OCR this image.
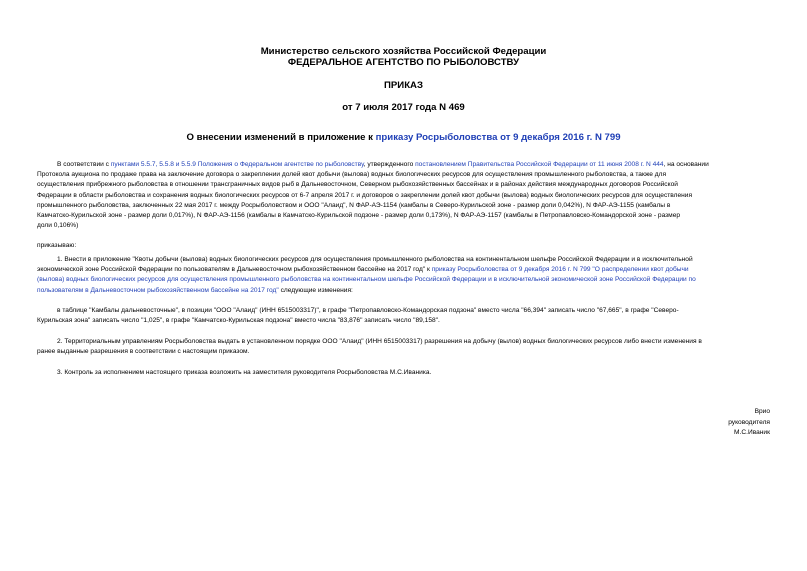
Министерство сельского хозяйства Российской Федерации
ФЕДЕРАЛЬНОЕ АГЕНТСТВО ПО РЫБОЛОВСТВУ
ПРИКАЗ
от 7 июля 2017 года N 469
О внесении изменений в приложение к приказу Росрыболовства от 9 декабря 2016 г. N 799
В соответствии с пунктами 5.5.7, 5.5.8 и 5.5.9 Положения о Федеральном агентстве по рыболовству, утвержденного постановлением Правительства Российской Федерации от 11 июня 2008 г. N 444, на основании
Протокола аукциона по продаже права на заключение договора о закреплении долей квот добычи (вылова) водных биологических ресурсов для осуществления промышленного рыболовства, а также для
осуществления прибрежного рыболовства в отношении трансграничных видов рыб в Дальневосточном, Северном рыбохозяйственных бассейнах и в районах действия международных договоров Российской
Федерации в области рыболовства и сохранения водных биологических ресурсов от 6-7 апреля 2017 г. и договоров о закреплении долей квот добычи (вылова) водных биологических ресурсов для осуществления
промышленного рыболовства, заключенных 22 мая 2017 г. между Росрыболовством и ООО "Алаид", N ФАР-АЭ-1154 (камбалы в Северо-Курильской зоне - размер доли 0,042%), N ФАР-АЭ-1155 (камбалы в
Камчатско-Курильской зоне - размер доли 0,017%), N ФАР-АЭ-1156 (камбалы в Камчатско-Курильской подзоне - размер доли 0,173%), N ФАР-АЭ-1157 (камбалы в Петропавловско-Командорской зоне - размер
доли 0,106%)
приказываю:
1. Внести в приложение "Квоты добычи (вылова) водных биологических ресурсов для осуществления промышленного рыболовства на континентальном шельфе Российской Федерации и в исключительной
экономической зоне Российской Федерации по пользователям в Дальневосточном рыбохозяйственном бассейне на 2017 год" к приказу Росрыболовства от 9 декабря 2016 г. N 799 "О распределении квот добычи
(вылова) водных биологических ресурсов для осуществления промышленного рыболовства на континентальном шельфе Российской Федерации и в исключительной экономической зоне Российской Федерации по
пользователям в Дальневосточном рыбохозяйственном бассейне на 2017 год" следующие изменения:
в таблице "Камбалы дальневосточные", в позиции "ООО "Алаид" (ИНН 6515003317)", в графе "Петропавловско-Командорская подзона" вместо числа "66,394" записать число "67,665", в графе "Северо-
Курильская зона" записать число "1,025", в графе "Камчатско-Курильская подзона" вместо числа "83,876" записать число "89,158".
2. Территориальным управлениям Росрыболовства выдать в установленном порядке ООО "Алаид" (ИНН 6515003317) разрешения на добычу (вылов) водных биологических ресурсов либо внести изменения в
ранее выданные разрешения в соответствии с настоящим приказом.
3. Контроль за исполнением настоящего приказа возложить на заместителя руководителя Росрыболовства М.С.Иваника.
Врио
руководителя
М.С.Иваник
